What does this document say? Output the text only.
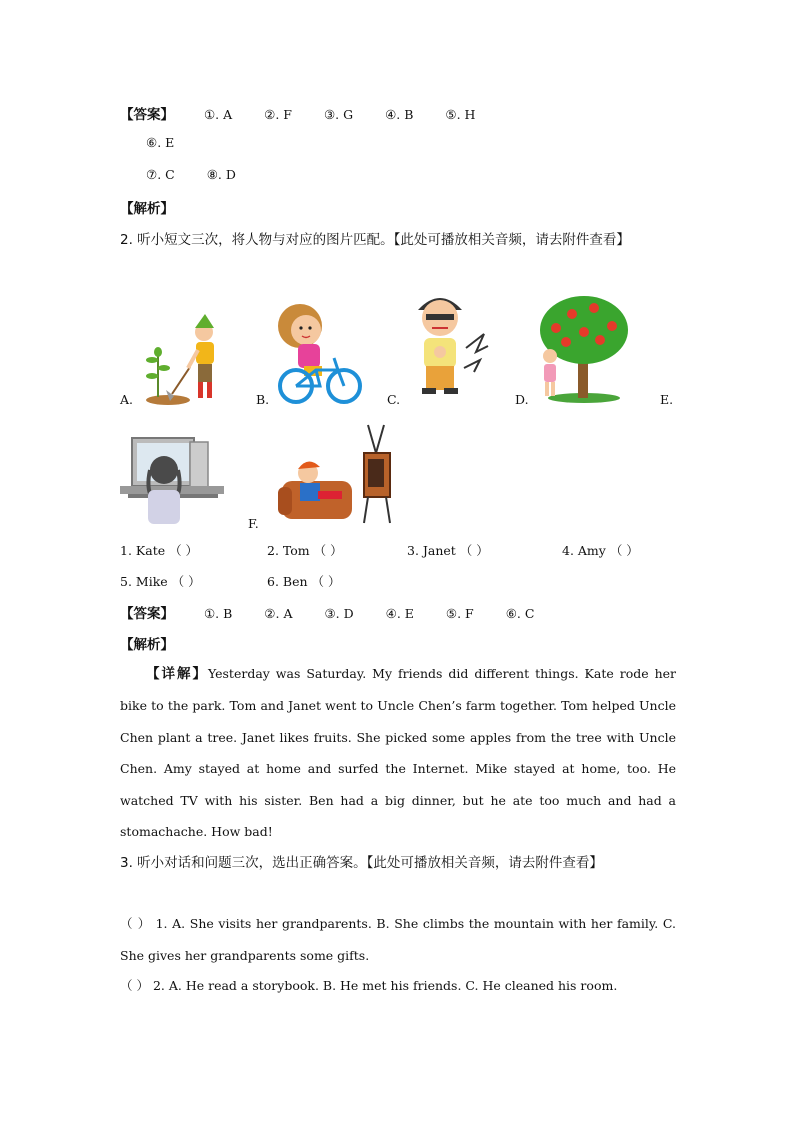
【答案】 ①. A	②. F	③. G	④. B	⑤. H
⑥. E
⑦. C	⑧. D
【解析】
2. 听小短文三次，将人物与对应的图片匹配。【此处可播放相关音频，请去附件查看】
A.	B.	C.	D.	E.
F.
1. Kate （ ）	2. Tom （ ）	3. Janet （ ）	4. Amy （ ）
5. Mike （ ）	6. Ben （ ）
【答案】 ①. B	②. A	③. D	④. E	⑤. F	⑥. C
【解析】
【详解】Yesterday was Saturday. My friends did different things. Kate rode her bike to the park. Tom and Janet went to Uncle Chen’s farm together. Tom helped Uncle Chen plant a tree. Janet likes fruits. She picked some apples from the tree with Uncle Chen. Amy stayed at home and surfed the Internet. Mike stayed at home, too. He watched TV with his sister. Ben had a big dinner, but he ate too much and had a stomachache. How bad!
3. 听小对话和问题三次，选出正确答案。【此处可播放相关音频，请去附件查看】
（ ） 1. A. She visits her grandparents. B. She climbs the mountain with her family. C. She gives her grandparents some gifts.
（ ） 2. A. He read a storybook. B. He met his friends. C. He cleaned his room.
